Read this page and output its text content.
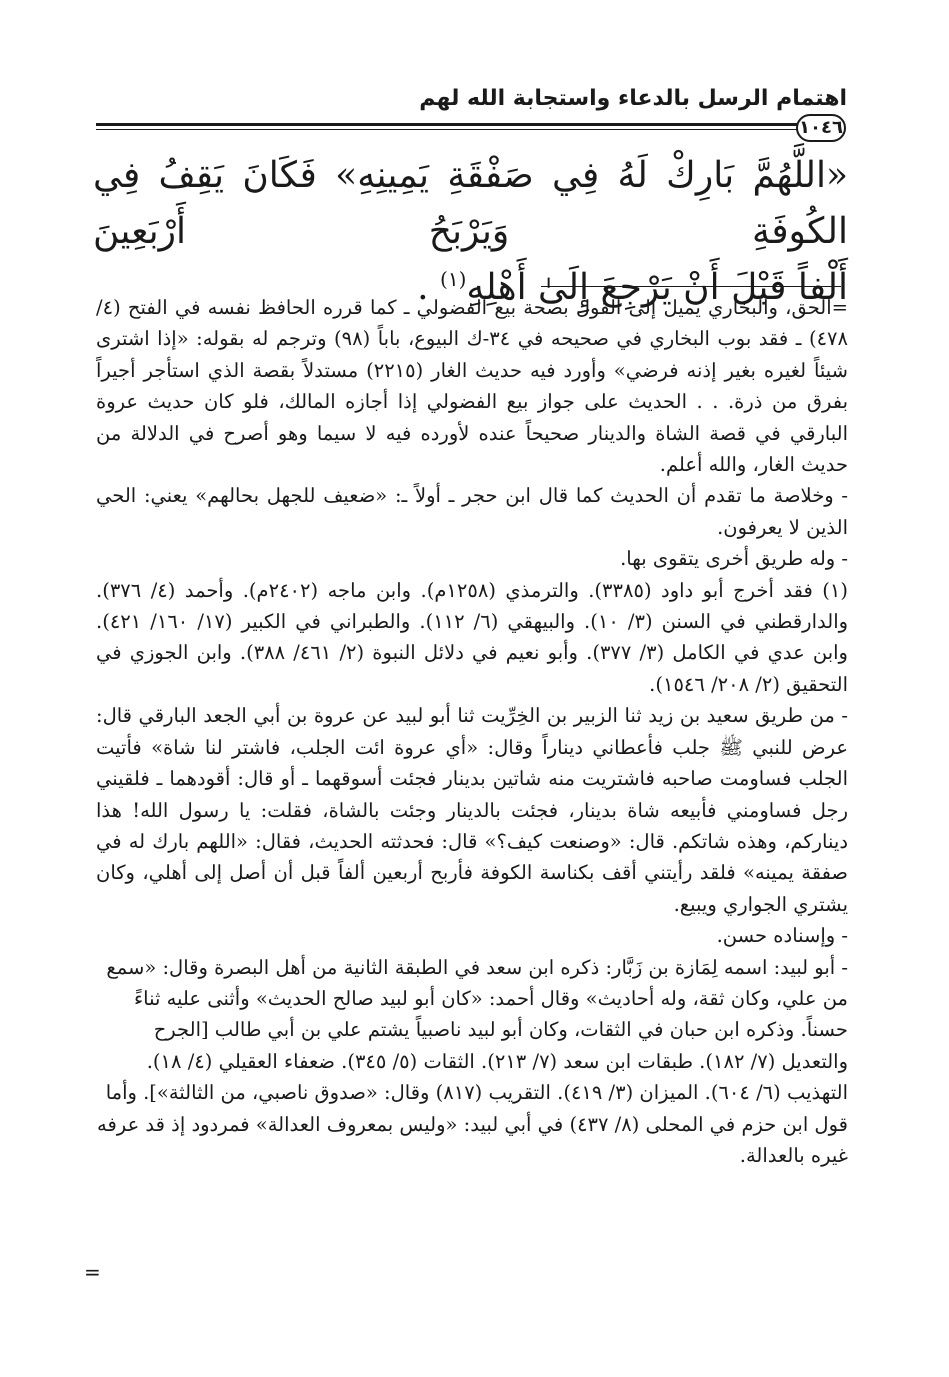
اهتمام الرسل بالدعاء واستجابة الله لهم
١٠٤٦

«اللَّهُمَّ بَارِكْ لَهُ فِي صَفْقَةِ يَمِينِهِ» فَكَانَ يَقِفُ فِي الكُوفَةِ وَيَرْبَحُ أَرْبَعِينَ

أَلْفاً قَبْلَ أَنْ يَرْجِعَ إِلَىٰ أَهْلِهِ$^{(١)}$ .

=الحق، والبخاري يميل إلى القول بصحة بيع الفضولي ـ كما قرره الحافظ نفسه في الفتح (٤/ ٤٧٨) ـ فقد بوب البخاري في صحيحه في ٣٤-ك البيوع، باباً (٩٨) وترجم له بقوله: «إذا اشترى شيئاً لغيره بغير إذنه فرضي» وأورد فيه حديث الغار (٢٢١٥) مستدلاً بقصة الذي استأجر أجيراً بفرق من ذرة. . . الحديث على جواز بيع الفضولي إذا أجازه المالك، فلو كان حديث عروة البارقي في قصة الشاة والدينار صحيحاً عنده لأورده فيه لا سيما وهو أصرح في الدلالة من حديث الغار، والله أعلم.

- وخلاصة ما تقدم أن الحديث كما قال ابن حجر ـ أولاً ـ: «ضعيف للجهل بحالهم» يعني: الحي الذين لا يعرفون.

- وله طريق أخرى يتقوى بها.

(١) فقد أخرج أبو داود (٣٣٨٥). والترمذي (١٢٥٨م). وابن ماجه (٢٤٠٢م). وأحمد (٤/ ٣٧٦). والدارقطني في السنن (٣/ ١٠). والبيهقي (٦/ ١١٢). والطبراني في الكبير (١٧/ ١٦٠/ ٤٢١). وابن عدي في الكامل (٣/ ٣٧٧). وأبو نعيم في دلائل النبوة (٢/ ٤٦١/ ٣٨٨). وابن الجوزي في التحقيق (٢/ ٢٠٨/ ١٥٤٦).

- من طريق سعيد بن زيد ثنا الزبير بن الخِرِّيت ثنا أبو لبيد عن عروة بن أبي الجعد البارقي قال: عرض للنبي ﷺ جلب فأعطاني ديناراً وقال: «أي عروة ائت الجلب، فاشتر لنا شاة» فأتيت الجلب فساومت صاحبه فاشتريت منه شاتين بدينار فجئت أسوقهما ـ أو قال: أقودهما ـ فلقيني رجل فساومني فأبيعه شاة بدينار، فجئت بالدينار وجئت بالشاة، فقلت: يا رسول الله! هذا ديناركم، وهذه شاتكم. قال: «وصنعت كيف؟» قال: فحدثته الحديث، فقال: «اللهم بارك له في صفقة يمينه» فلقد رأيتني أقف بكناسة الكوفة فأربح أربعين ألفاً قبل أن أصل إلى أهلي، وكان يشتري الجواري ويبيع.

- وإسناده حسن.

- أبو لبيد: اسمه لِمَازة بن زَبَّار: ذكره ابن سعد في الطبقة الثانية من أهل البصرة وقال: «سمع من علي، وكان ثقة، وله أحاديث» وقال أحمد: «كان أبو لبيد صالح الحديث» وأثنى عليه ثناءً حسناً. وذكره ابن حبان في الثقات، وكان أبو لبيد ناصبياً يشتم علي بن أبي طالب [الجرح والتعديل (٧/ ١٨٢). طبقات ابن سعد (٧/ ٢١٣). الثقات (٥/ ٣٤٥). ضعفاء العقيلي (٤/ ١٨). التهذيب (٦/ ٦٠٤). الميزان (٣/ ٤١٩). التقريب (٨١٧) وقال: «صدوق ناصبي، من الثالثة»]. وأما قول ابن حزم في المحلى (٨/ ٤٣٧) في أبي لبيد: «وليس بمعروف العدالة» فمردود إذ قد عرفه غيره بالعدالة.

=
